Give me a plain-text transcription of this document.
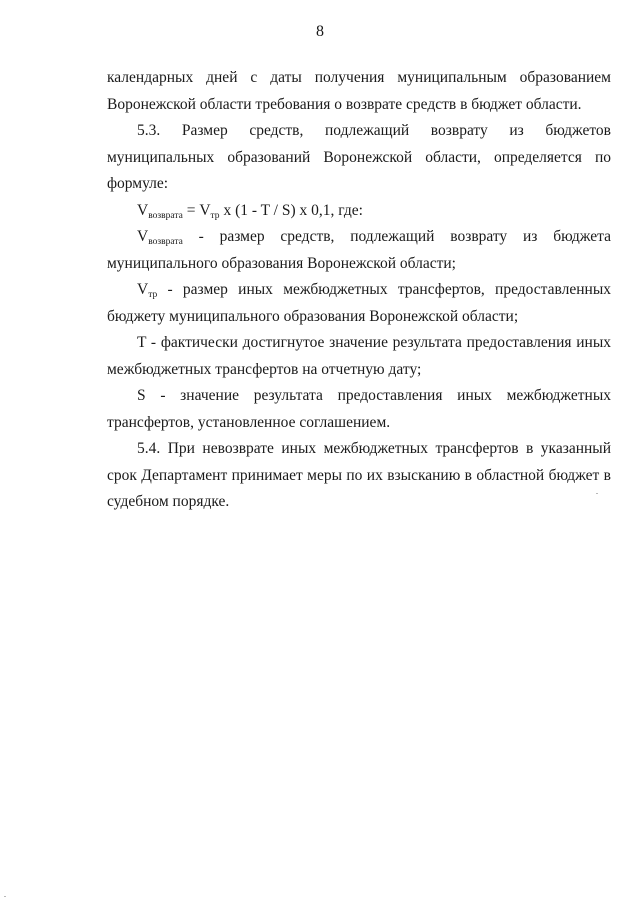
8

календарных дней с даты получения муниципальным образованием Воронежской области требования о возврате средств в бюджет области.

5.3. Размер средств, подлежащий возврату из бюджетов муниципальных образований Воронежской области, определяется по формуле:

$V_{возврата} = V_{тр}$ x (1 - T / S) x 0,1, где:

$V_{возврата}$ - размер средств, подлежащий возврату из бюджета муниципального образования Воронежской области;

$V_{тр}$ - размер иных межбюджетных трансфертов, предоставленных бюджету муниципального образования Воронежской области;

T - фактически достигнутое значение результата предоставления иных межбюджетных трансфертов на отчетную дату;

S - значение результата предоставления иных межбюджетных трансфертов, установленное соглашением.

5.4. При невозврате иных межбюджетных трансфертов в указанный срок Департамент принимает меры по их взысканию в областной бюджет в судебном порядке.
